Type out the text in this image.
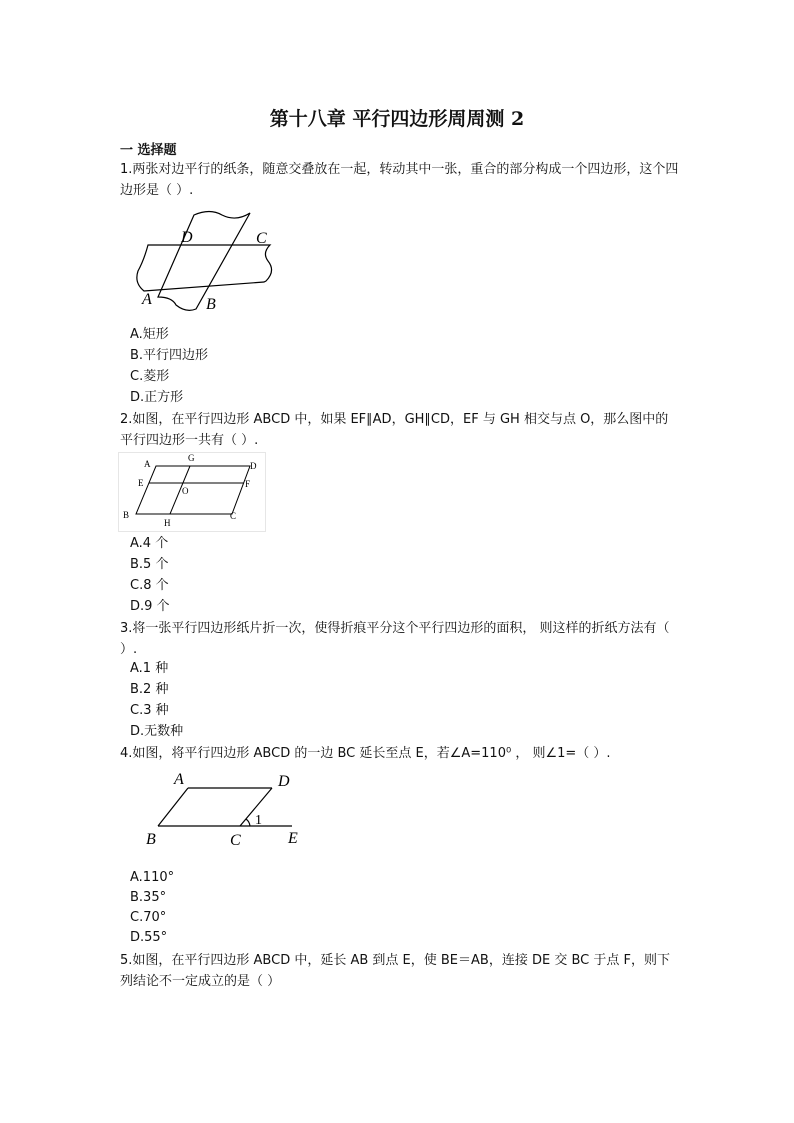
第十八章 平行四边形周周测 2
一 选择题
1.两张对边平行的纸条，随意交叠放在一起，转动其中一张，重合的部分构成一个四边形，这个四边形是（ ）.
D	C
A	B
A.矩形
B.平行四边形
C.菱形
D.正方形
2.如图，在平行四边形 ABCD 中，如果 EF∥AD，GH∥CD，EF 与 GH 相交与点 O，那么图中的平行四边形一共有（ ）.
A
G
D
E
O
F
B
H
C
A.4 个
B.5 个
C.8 个
D.9 个
3.将一张平行四边形纸片折一次，使得折痕平分这个平行四边形的面积， 则这样的折纸方法有（ ）.
A.1 种
B.2 种
C.3 种
D.无数种
4.如图，将平行四边形 ABCD 的一边 BC 延长至点 E，若∠A=110⁰ ， 则∠1=（ ）.
A	D
B	C	E
1
A.110°
B.35°
C.70°
D.55°
5.如图，在平行四边形 ABCD 中，延长 AB 到点 E，使 BE＝AB，连接 DE 交 BC 于点 F，则下列结论不一定成立的是（ ）
